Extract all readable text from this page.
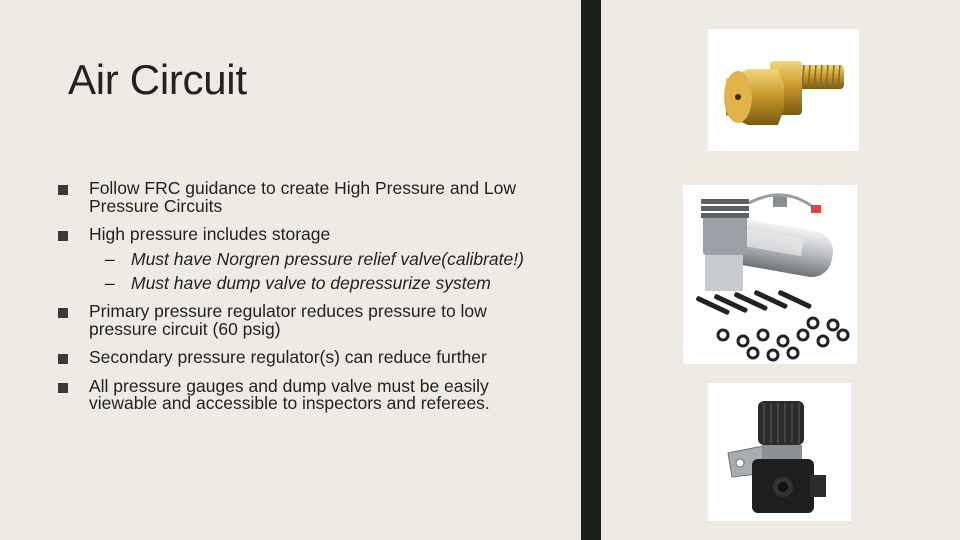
Air Circuit
Follow FRC guidance to create High Pressure and Low Pressure Circuits
High pressure includes storage
– Must have Norgren pressure relief valve(calibrate!)
– Must have dump valve to depressurize system
Primary pressure regulator reduces pressure to low pressure circuit (60 psig)
Secondary pressure regulator(s) can reduce further
All pressure gauges and dump valve must be easily viewable and accessible to inspectors and referees.
